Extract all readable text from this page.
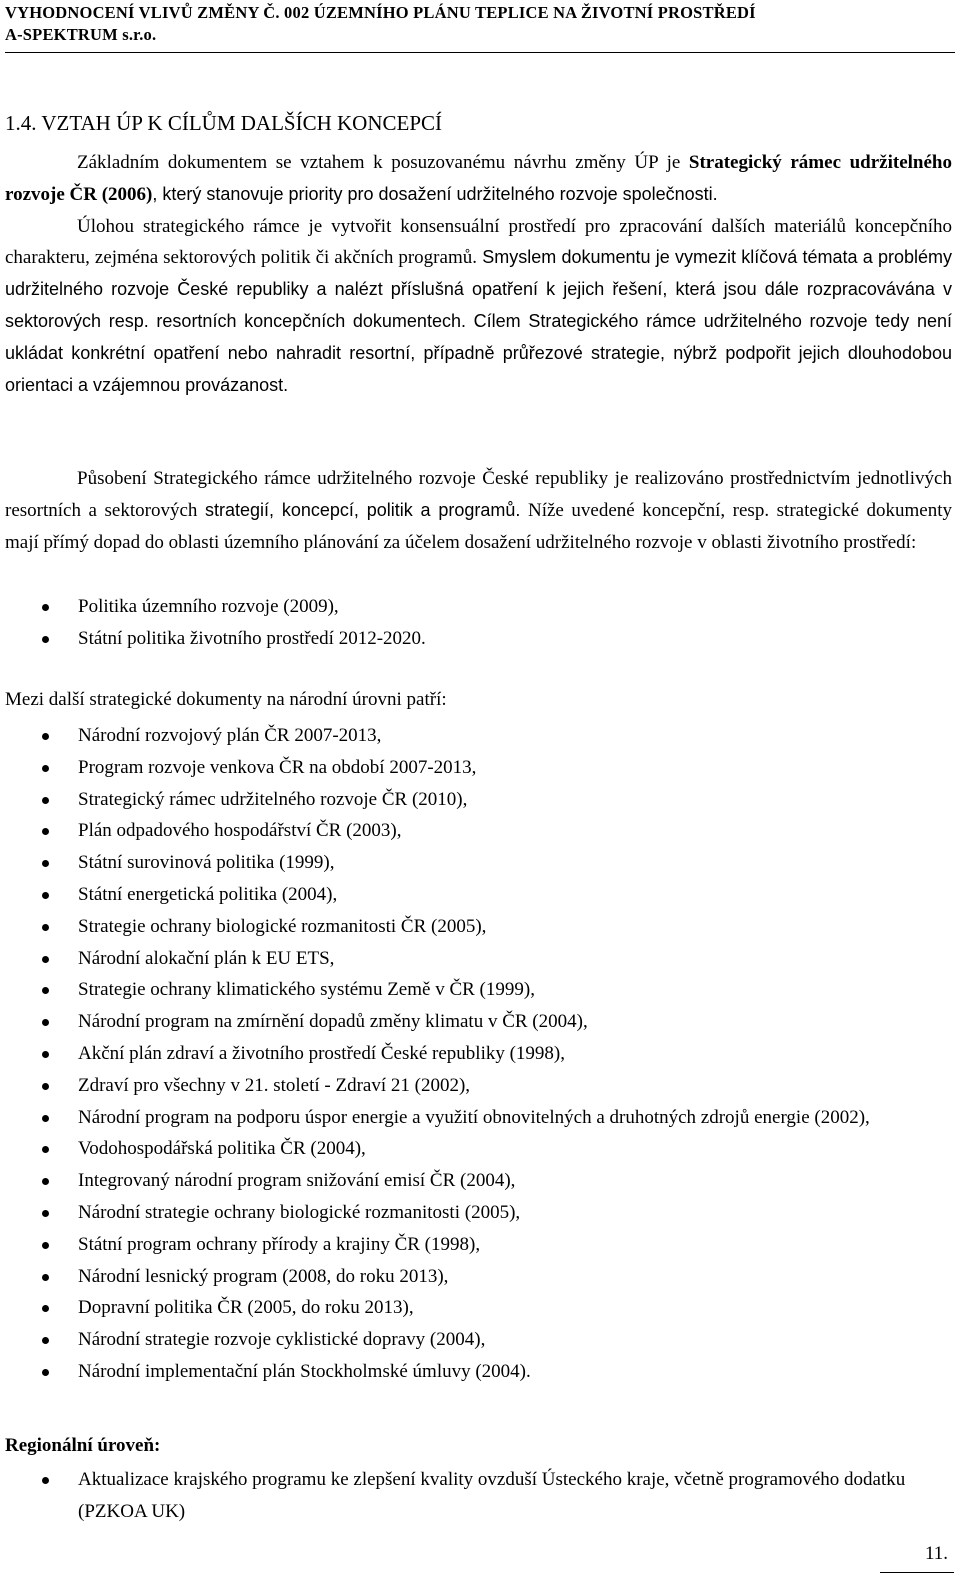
VYHODNOCENÍ VLIVŮ ZMĚNY Č. 002 ÚZEMNÍHO PLÁNU TEPLICE NA ŽIVOTNÍ PROSTŘEDÍ
A-SPEKTRUM s.r.o.
1.4. VZTAH ÚP K CÍLŮM DALŠÍCH KONCEPCÍ
Základním dokumentem se vztahem k posuzovanému návrhu změny ÚP je Strategický rámec udržitelného rozvoje ČR (2006), který stanovuje priority pro dosažení udržitelného rozvoje společnosti.
Úlohou strategického rámce je vytvořit konsensuální prostředí pro zpracování dalších materiálů koncepčního charakteru, zejména sektorových politik či akčních programů. Smyslem dokumentu je vymezit klíčová témata a problémy udržitelného rozvoje České republiky a nalézt příslušná opatření k jejich řešení, která jsou dále rozpracovávána v sektorových resp. resortních koncepčních dokumentech. Cílem Strategického rámce udržitelného rozvoje tedy není ukládat konkrétní opatření nebo nahradit resortní, případně průřezové strategie, nýbrž podpořit jejich dlouhodobou orientaci a vzájemnou provázanost.
Působení Strategického rámce udržitelného rozvoje České republiky je realizováno prostřednictvím jednotlivých resortních a sektorových strategií, koncepcí, politik a programů. Níže uvedené koncepční, resp. strategické dokumenty mají přímý dopad do oblasti územního plánování za účelem dosažení udržitelného rozvoje v oblasti životního prostředí:
Politika územního rozvoje (2009),
Státní politika životního prostředí 2012-2020.
Mezi další strategické dokumenty na národní úrovni patří:
Národní rozvojový plán ČR 2007-2013,
Program rozvoje venkova ČR na období 2007-2013,
Strategický rámec udržitelného rozvoje ČR (2010),
Plán odpadového hospodářství ČR (2003),
Státní surovinová politika (1999),
Státní energetická politika (2004),
Strategie ochrany biologické rozmanitosti ČR (2005),
Národní alokační plán k EU ETS,
Strategie ochrany klimatického systému Země v ČR (1999),
Národní program na zmírnění dopadů změny klimatu v ČR (2004),
Akční plán zdraví a životního prostředí České republiky (1998),
Zdraví pro všechny v 21. století - Zdraví 21 (2002),
Národní program na podporu úspor energie a využití obnovitelných a druhotných zdrojů energie (2002),
Vodohospodářská politika ČR (2004),
Integrovaný národní program snižování emisí ČR (2004),
Národní strategie ochrany biologické rozmanitosti (2005),
Státní program ochrany přírody a krajiny ČR (1998),
Národní lesnický program (2008, do roku 2013),
Dopravní politika ČR (2005, do roku 2013),
Národní strategie rozvoje cyklistické dopravy (2004),
Národní implementační plán Stockholmské úmluvy (2004).
Regionální úroveň:
Aktualizace krajského programu ke zlepšení kvality ovzduší Ústeckého kraje, včetně programového dodatku (PZKOA UK)
11.
